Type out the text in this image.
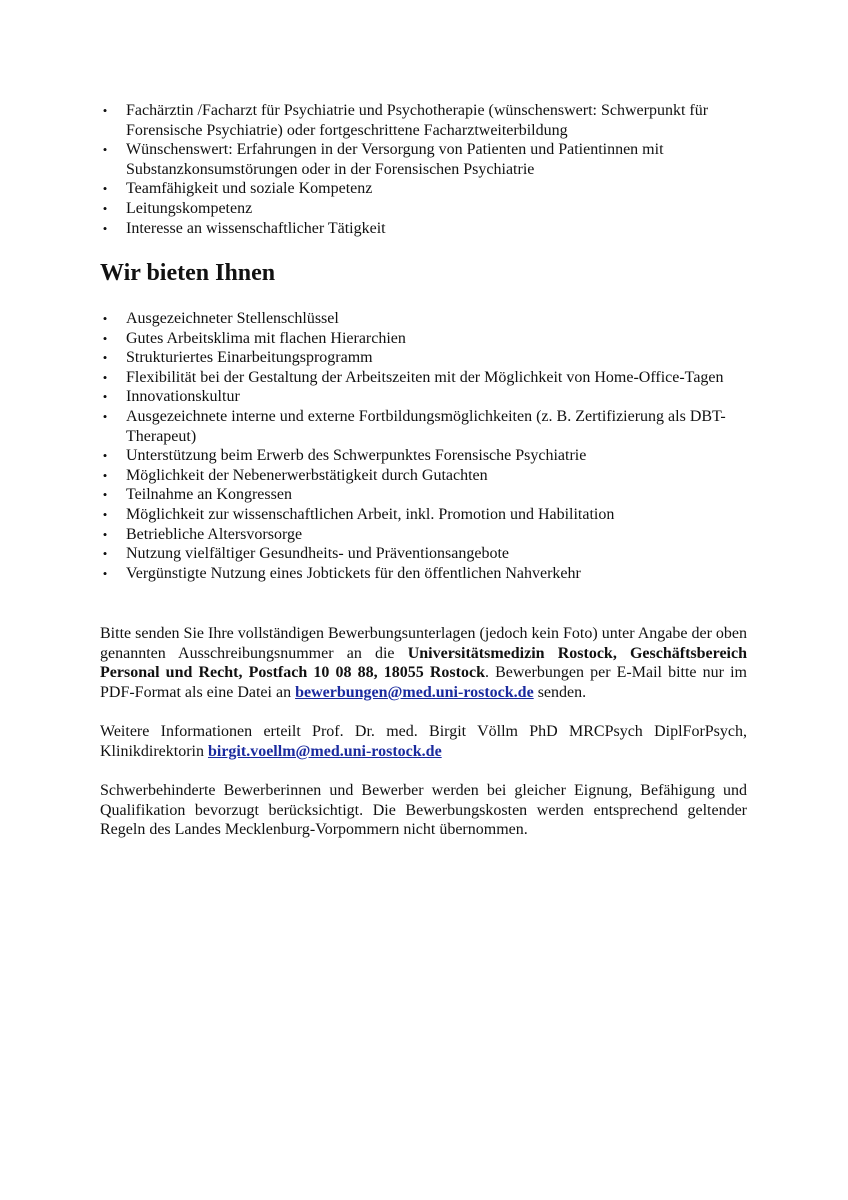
• Fachärztin /Facharzt für Psychiatrie und Psychotherapie (wünschenswert: Schwerpunkt für Forensische Psychiatrie) oder fortgeschrittene Facharztweiterbildung
• Wünschenswert: Erfahrungen in der Versorgung von Patienten und Patientinnen mit Substanzkonsumstörungen oder in der Forensischen Psychiatrie
• Teamfähigkeit und soziale Kompetenz
• Leitungskompetenz
• Interesse an wissenschaftlicher Tätigkeit
Wir bieten Ihnen
• Ausgezeichneter Stellenschlüssel
• Gutes Arbeitsklima mit flachen Hierarchien
• Strukturiertes Einarbeitungsprogramm
• Flexibilität bei der Gestaltung der Arbeitszeiten mit der Möglichkeit von Home-Office-Tagen
• Innovationskultur
• Ausgezeichnete interne und externe Fortbildungsmöglichkeiten (z. B. Zertifizierung als DBT-Therapeut)
• Unterstützung beim Erwerb des Schwerpunktes Forensische Psychiatrie
• Möglichkeit der Nebenerwerbstätigkeit durch Gutachten
• Teilnahme an Kongressen
• Möglichkeit zur wissenschaftlichen Arbeit, inkl. Promotion und Habilitation
• Betriebliche Altersvorsorge
• Nutzung vielfältiger Gesundheits- und Präventionsangebote
• Vergünstigte Nutzung eines Jobtickets für den öffentlichen Nahverkehr

Bitte senden Sie Ihre vollständigen Bewerbungsunterlagen (jedoch kein Foto) unter Angabe der oben genannten Ausschreibungsnummer an die Universitätsmedizin Rostock, Geschäftsbereich Personal und Recht, Postfach 10 08 88, 18055 Rostock. Bewerbungen per E-Mail bitte nur im PDF-Format als eine Datei an bewerbungen@med.uni-rostock.de senden.

Weitere Informationen erteilt Prof. Dr. med. Birgit Völlm PhD MRCPsych DiplForPsych, Klinikdirektorin birgit.voellm@med.uni-rostock.de

Schwerbehinderte Bewerberinnen und Bewerber werden bei gleicher Eignung, Befähigung und Qualifikation bevorzugt berücksichtigt. Die Bewerbungskosten werden entsprechend geltender Regeln des Landes Mecklenburg-Vorpommern nicht übernommen.
